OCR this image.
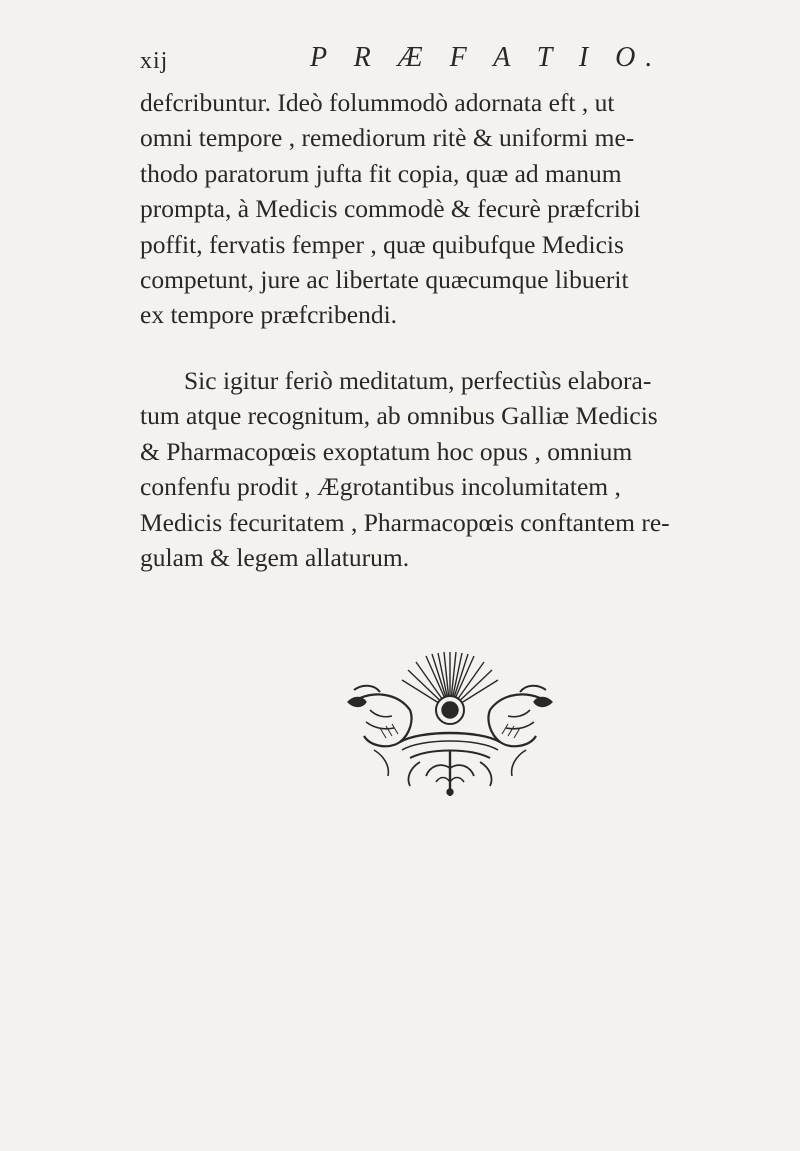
xij	P R Æ F A T I O.
defcribuntur. Ideò folummodò adornata eft , ut
omni tempore , remediorum ritè & uniformi me-
thodo paratorum jufta fit copia, quæ ad manum
prompta, à Medicis commodè & fecurè præfcribi
poffit, fervatis femper , quæ quibufque Medicis
competunt, jure ac libertate quæcumque libuerit
ex tempore præfcribendi.
Sic igitur feriò meditatum, perfectiùs elabora-
tum atque recognitum, ab omnibus Galliæ Medicis
& Pharmacopœis exoptatum hoc opus , omnium
confenfu prodit , Ægrotantibus incolumitatem ,
Medicis fecuritatem , Pharmacopœis conftantem re-
gulam & legem allaturum.
